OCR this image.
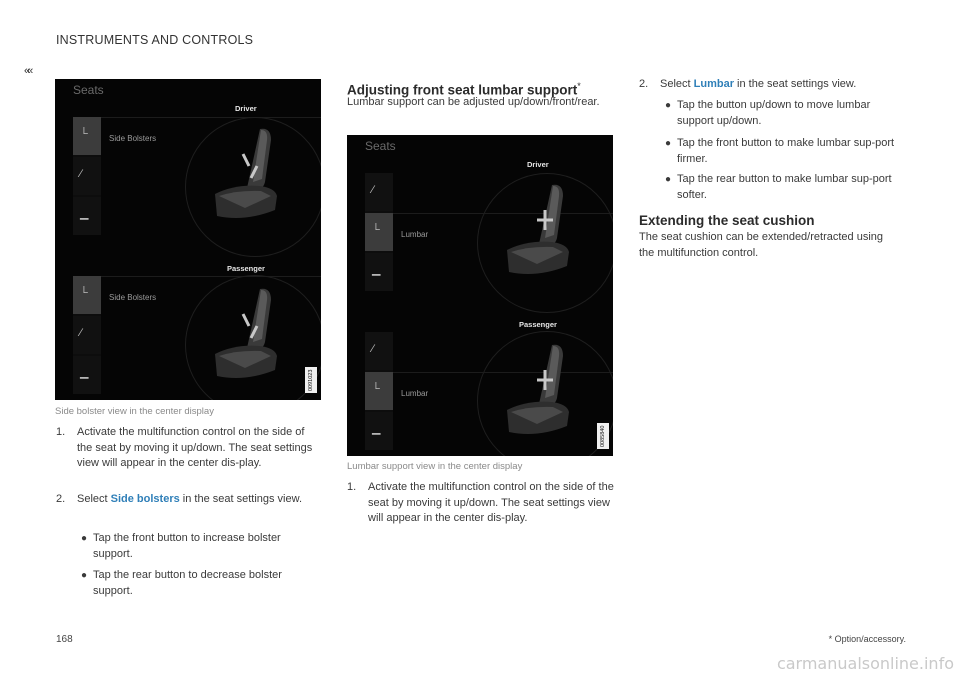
INSTRUMENTS AND CONTROLS
««
Seats
└
∕
▁
Side Bolsters
Driver
└
∕
▁
Side Bolsters
Passenger
0091023
Side bolster view in the center display
1.	Activate the multifunction control on the side of the seat by moving it up/down. The seat settings view will appear in the center dis-play.
2.	Select Side bolsters in the seat settings view.
● Tap the front button to increase bolster support.
● Tap the rear button to decrease bolster support.
Adjusting front seat lumbar support*
Lumbar support can be adjusted up/down/front/rear.
Seats
∕
└
▁
Lumbar
Driver
∕
└
▁
Lumbar
Passenger
0085840
Lumbar support view in the center display
1.	Activate the multifunction control on the side of the seat by moving it up/down. The seat settings view will appear in the center dis-play.
2.	Select Lumbar in the seat settings view.
● Tap the button up/down to move lumbar support up/down.
● Tap the front button to make lumbar sup-port firmer.
● Tap the rear button to make lumbar sup-port softer.
Extending the seat cushion
The seat cushion can be extended/retracted using the multifunction control.
168	* Option/accessory.
carmanualsonline.info
